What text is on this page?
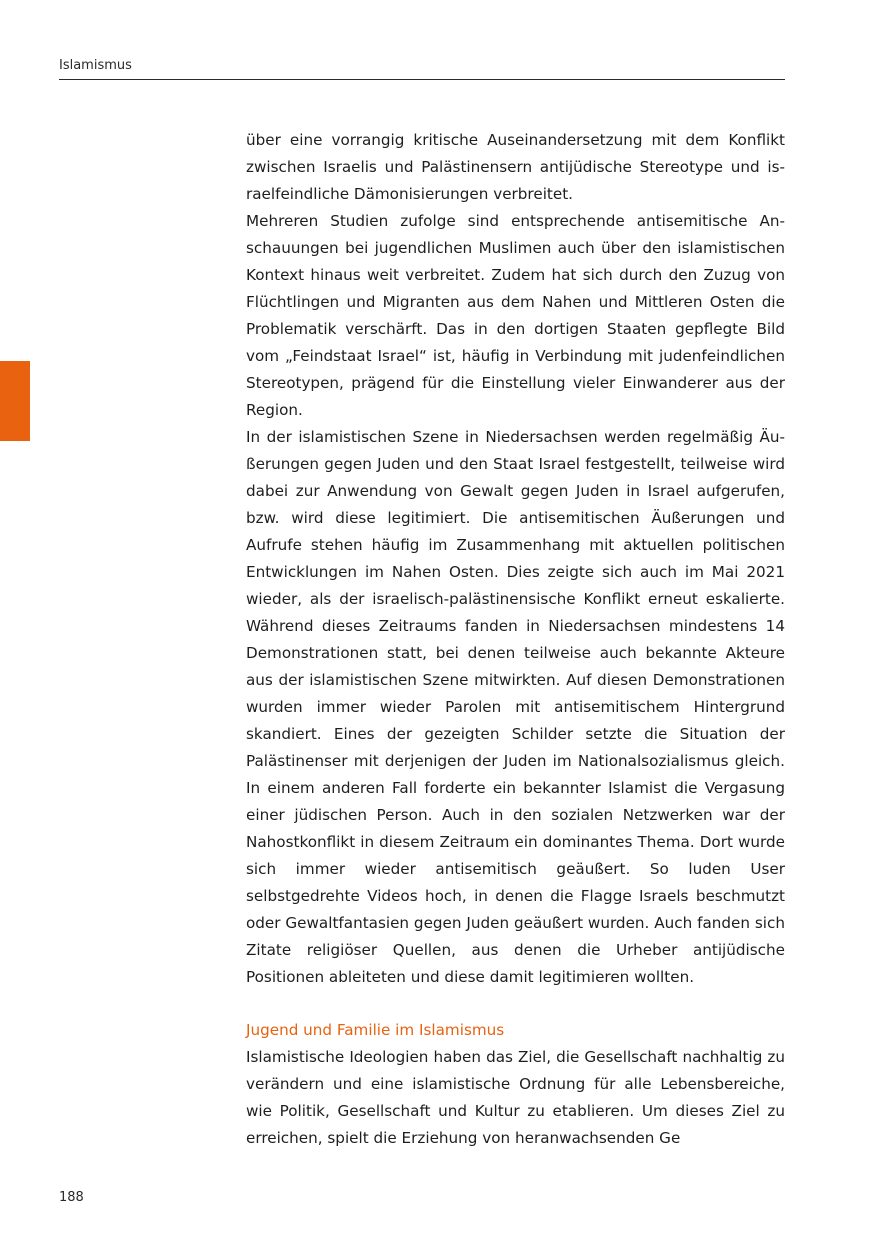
Islamismus

über eine vorrangig kritische Auseinandersetzung mit dem Konflikt zwischen Israelis und Palästinensern antijüdische Stereotype und israelfeindliche Dämonisierungen verbreitet.

Mehreren Studien zufolge sind entsprechende antisemitische Anschauungen bei jugendlichen Muslimen auch über den islamistischen Kontext hinaus weit verbreitet. Zudem hat sich durch den Zuzug von Flüchtlingen und Migranten aus dem Nahen und Mittleren Osten die Problematik verschärft. Das in den dortigen Staaten gepflegte Bild vom „Feindstaat Israel“ ist, häufig in Verbindung mit judenfeindlichen Stereotypen, prägend für die Einstellung vieler Einwanderer aus der Region.

In der islamistischen Szene in Niedersachsen werden regelmäßig Äußerungen gegen Juden und den Staat Israel festgestellt, teilweise wird dabei zur Anwendung von Gewalt gegen Juden in Israel aufgerufen, bzw. wird diese legitimiert. Die antisemitischen Äußerungen und Aufrufe stehen häufig im Zusammenhang mit aktuellen politischen Entwicklungen im Nahen Osten. Dies zeigte sich auch im Mai 2021 wieder, als der israelisch-palästinensische Konflikt erneut eskalierte. Während dieses Zeitraums fanden in Niedersachsen mindestens 14 Demonstrationen statt, bei denen teilweise auch bekannte Akteure aus der islamistischen Szene mitwirkten. Auf diesen Demonstrationen wurden immer wieder Parolen mit antisemitischem Hintergrund skandiert. Eines der gezeigten Schilder setzte die Situation der Palästinenser mit derjenigen der Juden im Nationalsozialismus gleich. In einem anderen Fall forderte ein bekannter Islamist die Vergasung einer jüdischen Person. Auch in den sozialen Netzwerken war der Nahostkonflikt in diesem Zeitraum ein dominantes Thema. Dort wurde sich immer wieder antisemitisch geäußert. So luden User selbstgedrehte Videos hoch, in denen die Flagge Israels beschmutzt oder Gewaltfantasien gegen Juden geäußert wurden. Auch fanden sich Zitate religiöser Quellen, aus denen die Urheber antijüdische Positionen ableiteten und diese damit legitimieren wollten.

Jugend und Familie im Islamismus

Islamistische Ideologien haben das Ziel, die Gesellschaft nachhaltig zu verändern und eine islamistische Ordnung für alle Lebensbereiche, wie Politik, Gesellschaft und Kultur zu etablieren. Um dieses Ziel zu erreichen, spielt die Erziehung von heranwachsenden Ge

188
